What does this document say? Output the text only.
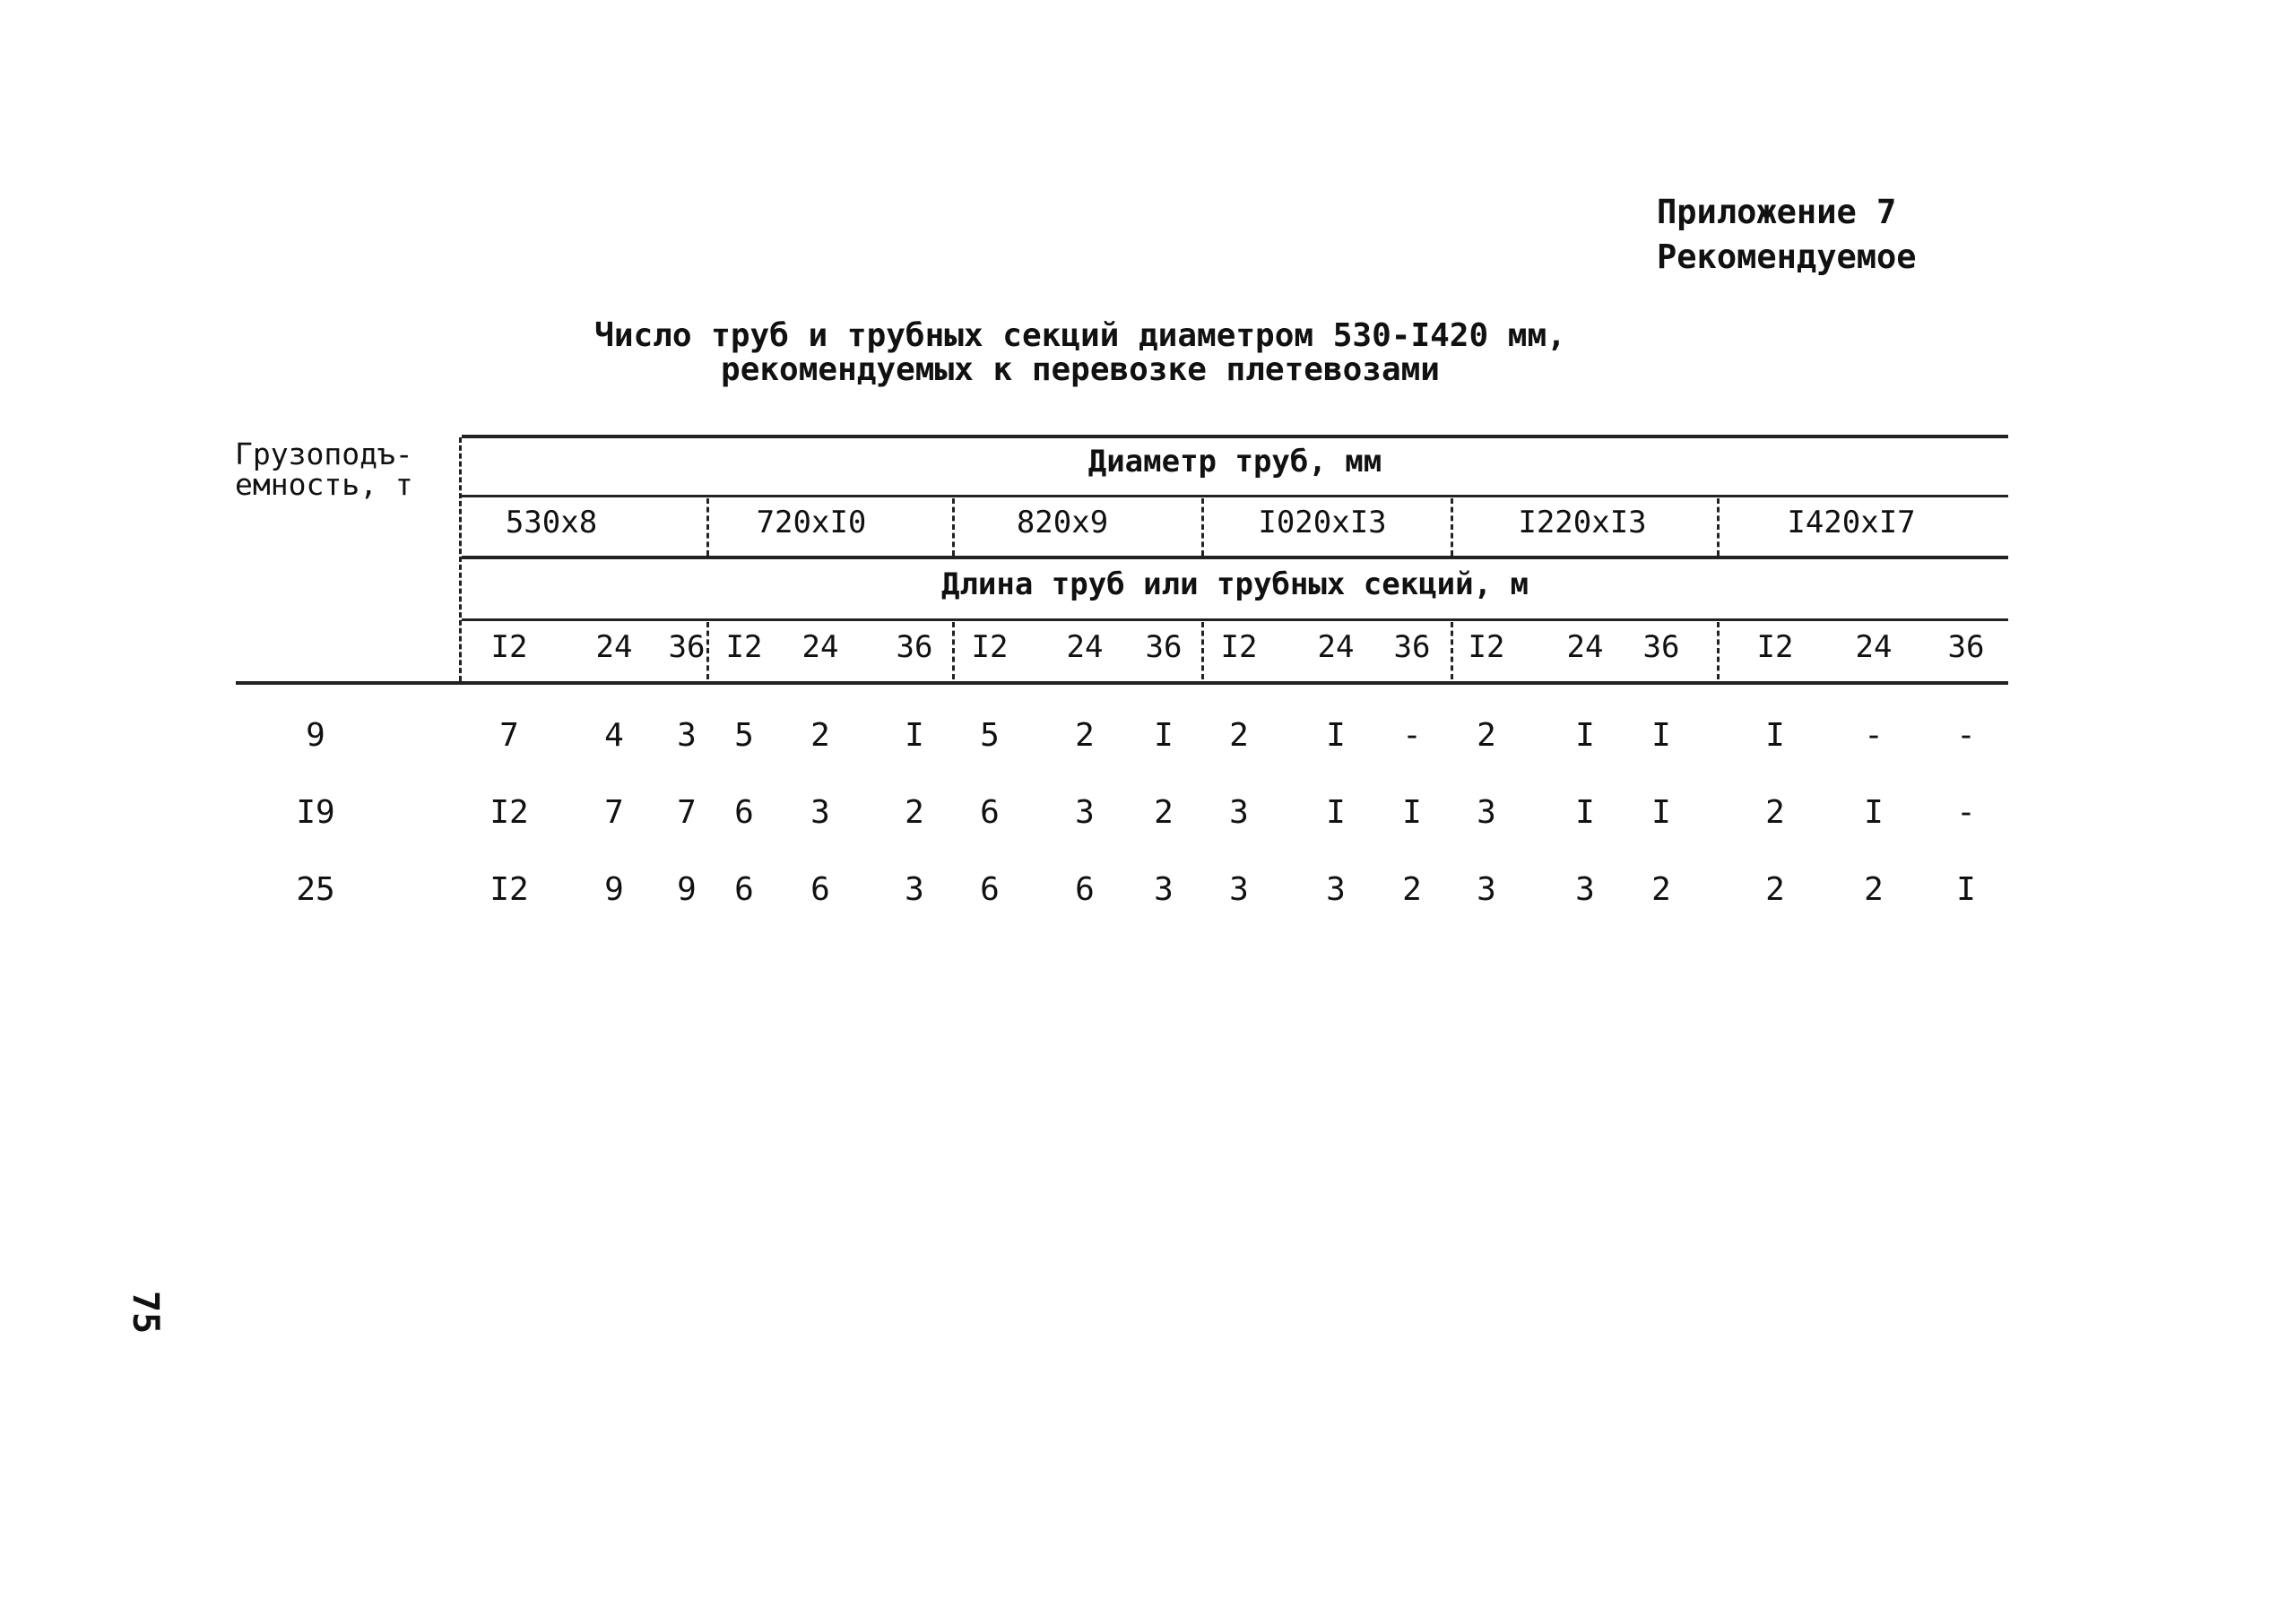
Приложение 7
Рекомендуемое
Число труб и трубных секций диаметром 530-I420 мм,
рекомендуемых к перевозке плетевозами
Грузоподъ-
емность, т
Диаметр труб, мм
530х8	720хI0	820х9	I020хI3	I220хI3	I420хI7
Длина труб или трубных секций, м
I2	24	36 I2	24	36	I2	24	36	I2	24	36	I2	24	36	I2	24	36
9	7	4	3	5	2	I	5	2	I	2	I	-	2	I	I	I	-	-
I9	I2	7	7	6	3	2	6	3	2	3	I	I	3	I	I	2	I	-
25	I2	9	9	6	6	3	6	6	3	3	3	2	3	3	2	2	2	I
75
